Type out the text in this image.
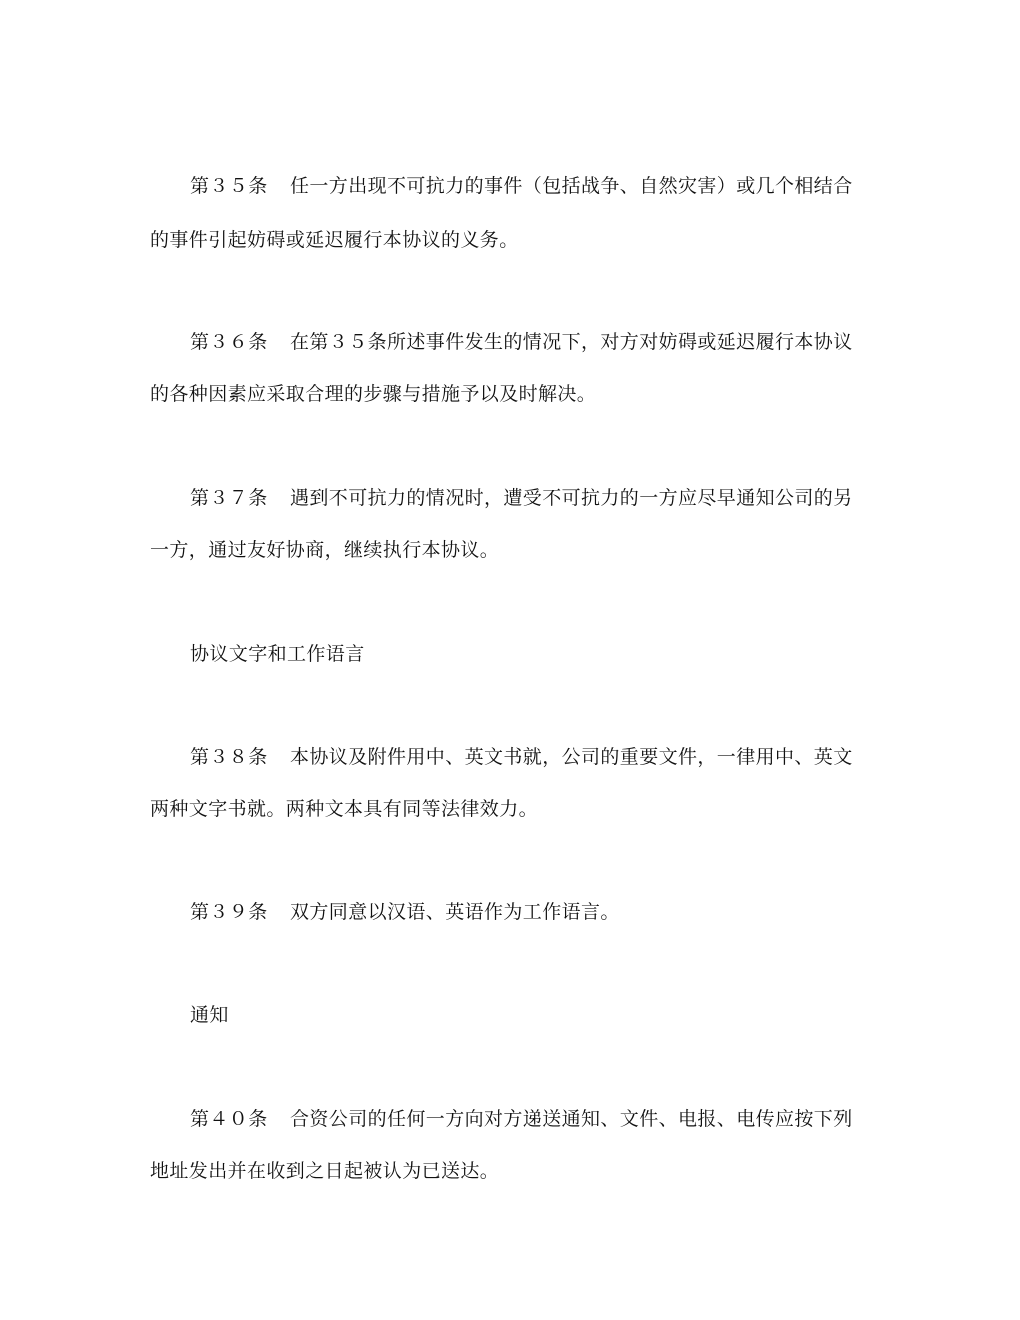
第３５条 任一方出现不可抗力的事件（包括战争、自然灾害）或几个相结合
的事件引起妨碍或延迟履行本协议的义务。
第３６条 在第３５条所述事件发生的情况下，对方对妨碍或延迟履行本协议
的各种因素应采取合理的步骤与措施予以及时解决。
第３７条 遇到不可抗力的情况时，遭受不可抗力的一方应尽早通知公司的另
一方，通过友好协商，继续执行本协议。
协议文字和工作语言
第３８条 本协议及附件用中、英文书就，公司的重要文件，一律用中、英文
两种文字书就。两种文本具有同等法律效力。
第３９条 双方同意以汉语、英语作为工作语言。
通知
第４０条 合资公司的任何一方向对方递送通知、文件、电报、电传应按下列
地址发出并在收到之日起被认为已送达。
